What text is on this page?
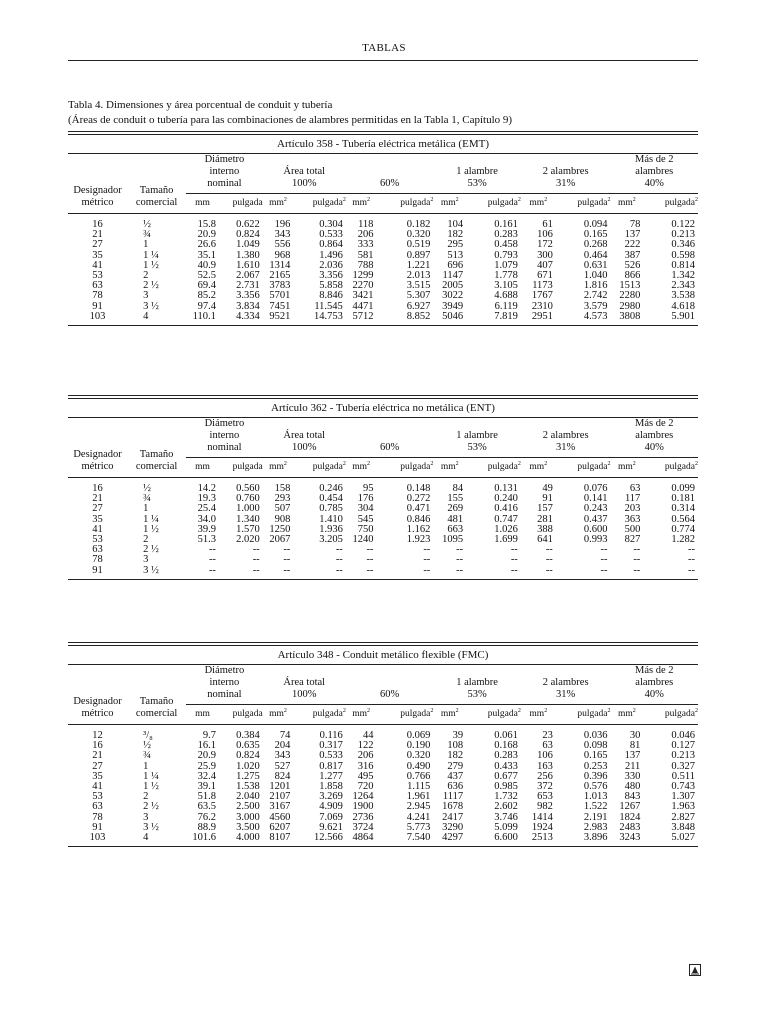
TABLAS
Tabla 4. Dimensiones y área porcentual de conduit y tubería
(Áreas de conduit o tubería para las combinaciones de alambres permitidas en la Tabla 1, Capítulo 9)
Artículo 358 - Tubería eléctrica metálica (EMT)
Designador
métrico	Tamaño
comercial	Diámetro
interno
nominal		Área total
100%		60%		1 alambre
53%		2 alambres
31%		Más de 2
alambres
40%	

		mm	pulgada	$mm^2$	pulgada$^2$	$mm^2$	pulgada$^2$	$mm^2$	pulgada$^2$	$mm^2$	pulgada$^2$	$mm^2$	pulgada$^2$

16	½	15.8	0.622	196	0.304	118	0.182	104	0.161	61	0.094	78	0.122
21	¾	20.9	0.824	343	0.533	206	0.320	182	0.283	106	0.165	137	0.213
27	1	26.6	1.049	556	0.864	333	0.519	295	0.458	172	0.268	222	0.346
35	1 ¼	35.1	1.380	968	1.496	581	0.897	513	0.793	300	0.464	387	0.598
41	1 ½	40.9	1.610	1314	2.036	788	1.221	696	1.079	407	0.631	526	0.814
53	2	52.5	2.067	2165	3.356	1299	2.013	1147	1.778	671	1.040	866	1.342
63	2 ½	69.4	2.731	3783	5.858	2270	3.515	2005	3.105	1173	1.816	1513	2.343
78	3	85.2	3.356	5701	8.846	3421	5.307	3022	4.688	1767	2.742	2280	3.538
91	3 ½	97.4	3.834	7451	11.545	4471	6.927	3949	6.119	2310	3.579	2980	4.618
103	4	110.1	4.334	9521	14.753	5712	8.852	5046	7.819	2951	4.573	3808	5.901
Artículo 362 - Tubería eléctrica no metálica (ENT)
Designador
métrico	Tamaño
comercial	Diámetro
interno
nominal		Área total
100%		60%		1 alambre
53%		2 alambres
31%		Más de 2
alambres
40%	

		mm	pulgada	$mm^2$	pulgada$^2$	$mm^2$	pulgada$^2$	$mm^2$	pulgada$^2$	$mm^2$	pulgada$^2$	$mm^2$	pulgada$^2$

16	½	14.2	0.560	158	0.246	95	0.148	84	0.131	49	0.076	63	0.099
21	¾	19.3	0.760	293	0.454	176	0.272	155	0.240	91	0.141	117	0.181
27	1	25.4	1.000	507	0.785	304	0.471	269	0.416	157	0.243	203	0.314
35	1 ¼	34.0	1.340	908	1.410	545	0.846	481	0.747	281	0.437	363	0.564
41	1 ½	39.9	1.570	1250	1.936	750	1.162	663	1.026	388	0.600	500	0.774
53	2	51.3	2.020	2067	3.205	1240	1.923	1095	1.699	641	0.993	827	1.282
63	2 ½	--	--	--	--	--	--	--	--	--	--	--	--
78	3	--	--	--	--	--	--	--	--	--	--	--	--
91	3 ½	--	--	--	--	--	--	--	--	--	--	--	--
Artículo 348 - Conduit metálico flexible (FMC)
Designador
métrico	Tamaño
comercial	Diámetro
interno
nominal		Área total
100%		60%		1 alambre
53%		2 alambres
31%		Más de 2
alambres
40%	

		mm	pulgada	$mm^2$	pulgada$^2$	$mm^2$	pulgada$^2$	$mm^2$	pulgada$^2$	$mm^2$	pulgada$^2$	$mm^2$	pulgada$^2$

12	³/₈	9.7	0.384	74	0.116	44	0.069	39	0.061	23	0.036	30	0.046
16	½	16.1	0.635	204	0.317	122	0.190	108	0.168	63	0.098	81	0.127
21	¾	20.9	0.824	343	0.533	206	0.320	182	0.283	106	0.165	137	0.213
27	1	25.9	1.020	527	0.817	316	0.490	279	0.433	163	0.253	211	0.327
35	1 ¼	32.4	1.275	824	1.277	495	0.766	437	0.677	256	0.396	330	0.511
41	1 ½	39.1	1.538	1201	1.858	720	1.115	636	0.985	372	0.576	480	0.743
53	2	51.8	2.040	2107	3.269	1264	1.961	1117	1.732	653	1.013	843	1.307
63	2 ½	63.5	2.500	3167	4.909	1900	2.945	1678	2.602	982	1.522	1267	1.963
78	3	76.2	3.000	4560	7.069	2736	4.241	2417	3.746	1414	2.191	1824	2.827
91	3 ½	88.9	3.500	6207	9.621	3724	5.773	3290	5.099	1924	2.983	2483	3.848
103	4	101.6	4.000	8107	12.566	4864	7.540	4297	6.600	2513	3.896	3243	5.027
